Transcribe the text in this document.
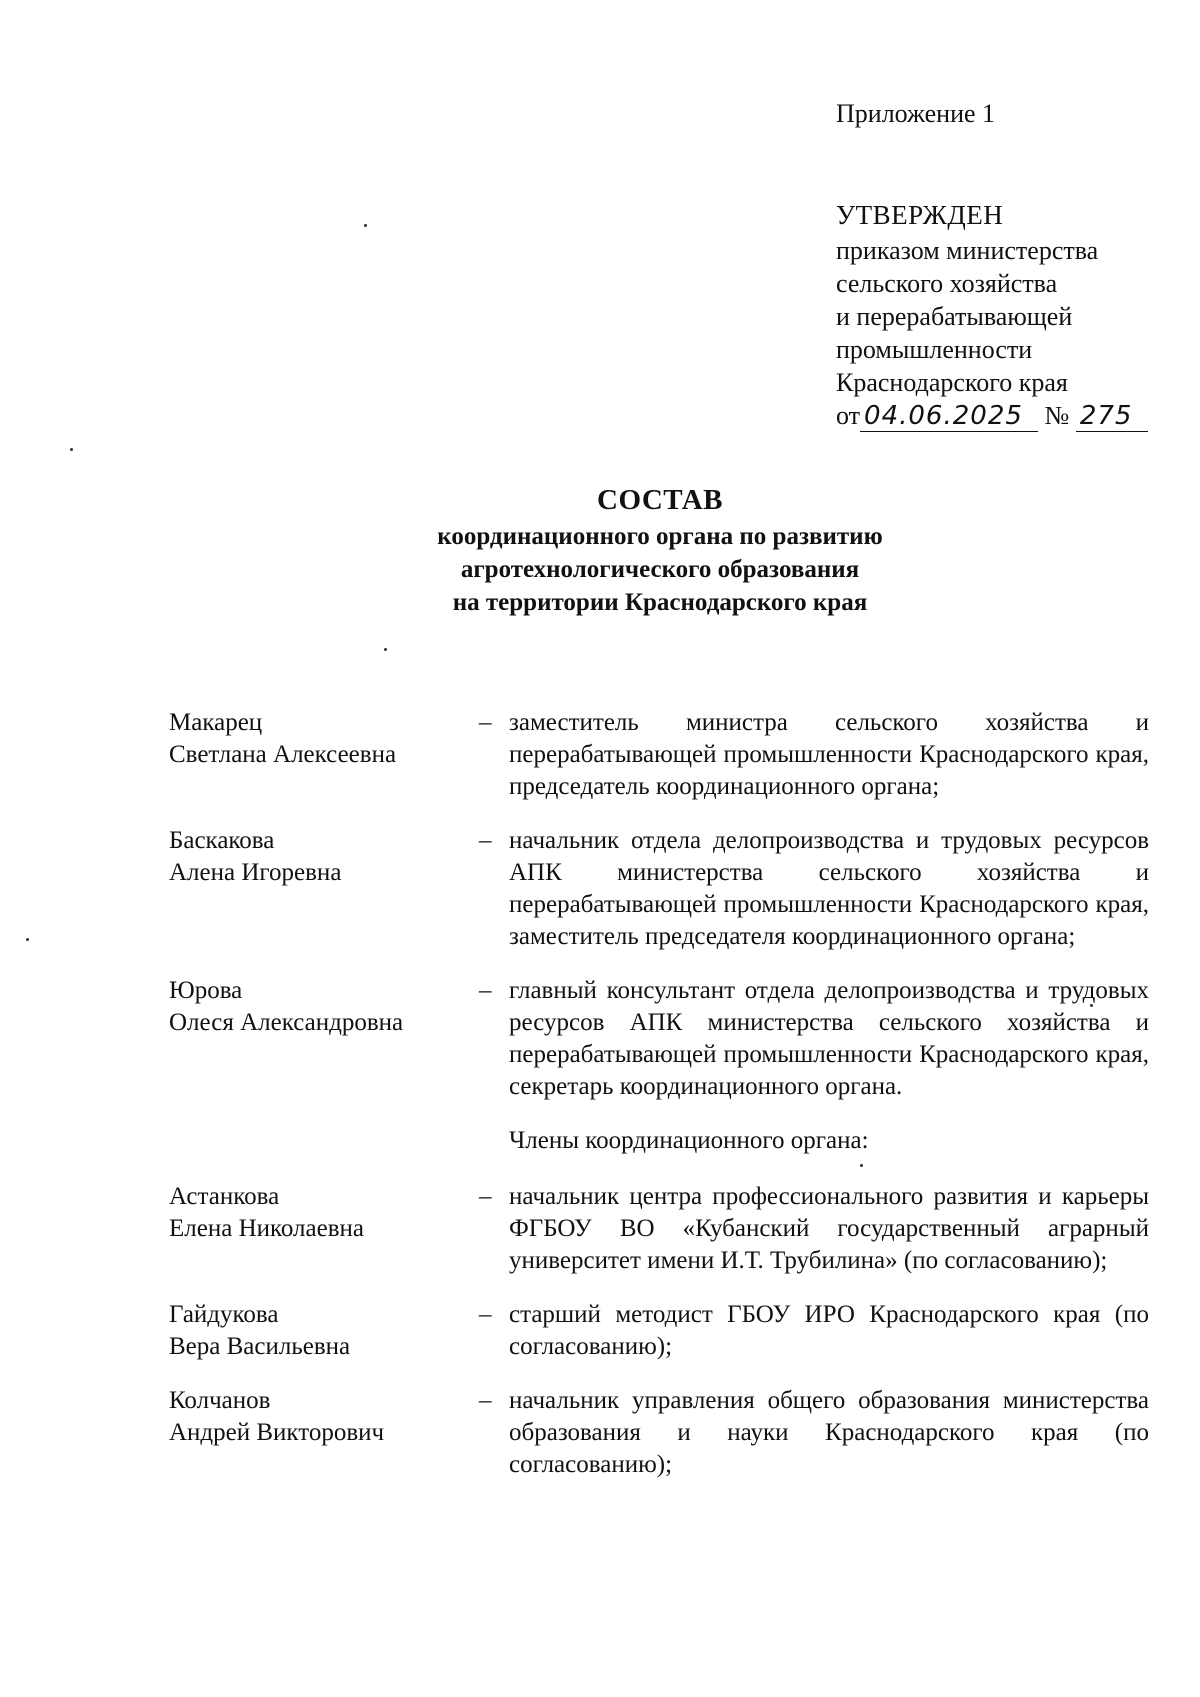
Приложение 1
УТВЕРЖДЕН
приказом министерства
сельского хозяйства
и перерабатывающей
промышленности
Краснодарского края
от 04.06.2025 № 275
СОСТАВ
координационного органа по развитию
агротехнологического образования
на территории Краснодарского края
Макарец
Светлана Алексеевна
– заместитель министра сельского хозяйства и перерабатывающей промышленности Краснодарского края, председатель координационного органа;
Баскакова
Алена Игоревна
– начальник отдела делопроизводства и трудовых ресурсов АПК министерства сельского хозяйства и перерабатывающей промышленности Краснодарского края, заместитель председателя координационного органа;
Юрова
Олеся Александровна
– главный консультант отдела делопроизводства и трудовых ресурсов АПК министерства сельского хозяйства и перерабатывающей промышленности Краснодарского края, секретарь координационного органа.
Члены координационного органа:
Астанкова
Елена Николаевна
– начальник центра профессионального развития и карьеры ФГБОУ ВО «Кубанский государственный аграрный университет имени И.Т. Трубилина» (по согласованию);
Гайдукова
Вера Васильевна
– старший методист ГБОУ ИРО Краснодарского края (по согласованию);
Колчанов
Андрей Викторович
– начальник управления общего образования министерства образования и науки Краснодарского края (по согласованию);
